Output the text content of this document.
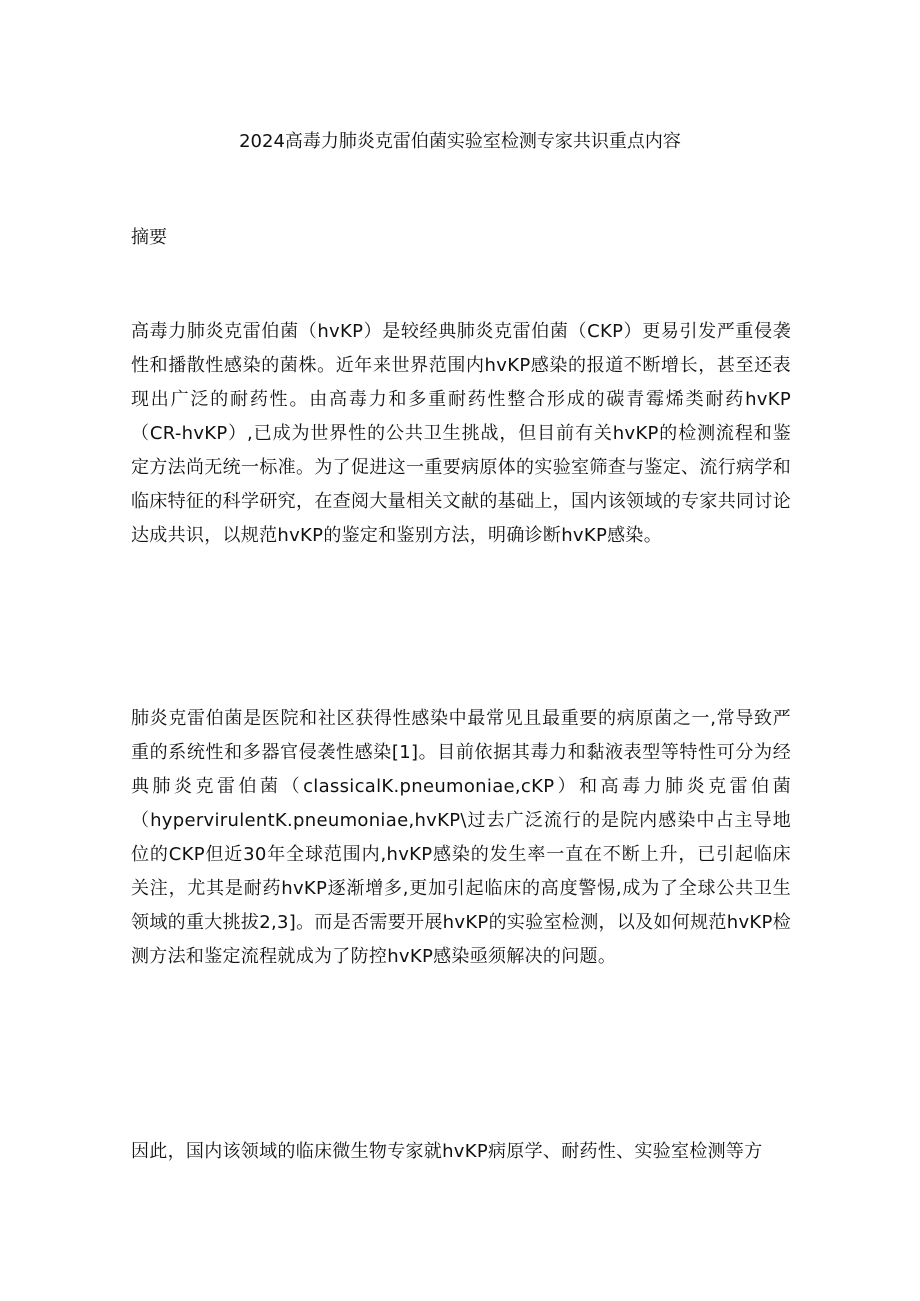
2024高毒力肺炎克雷伯菌实验室检测专家共识重点内容
摘要

高毒力肺炎克雷伯菌（hvKP）是较经典肺炎克雷伯菌（CKP）更易引发严重侵袭性和播散性感染的菌株。近年来世界范围内hvKP感染的报道不断增长，甚至还表现出广泛的耐药性。由高毒力和多重耐药性整合形成的碳青霉烯类耐药hvKP（CR-hvKP）,已成为世界性的公共卫生挑战，但目前有关hvKP的检测流程和鉴定方法尚无统一标准。为了促进这一重要病原体的实验室筛查与鉴定、流行病学和临床特征的科学研究，在查阅大量相关文献的基础上，国内该领域的专家共同讨论达成共识，以规范hvKP的鉴定和鉴别方法，明确诊断hvKP感染。

肺炎克雷伯菌是医院和社区获得性感染中最常见且最重要的病原菌之一,常导致严重的系统性和多器官侵袭性感染[1]。目前依据其毒力和黏液表型等特性可分为经典肺炎克雷伯菌（classicalK.pneumoniae,cKP）和高毒力肺炎克雷伯菌（hypervirulentK.pneumoniae,hvKP\过去广泛流行的是院内感染中占主导地位的CKP但近30年全球范围内,hvKP感染的发生率一直在不断上升，已引起临床关注，尤其是耐药hvKP逐渐增多,更加引起临床的高度警惕,成为了全球公共卫生领域的重大挑拔2,3]。而是否需要开展hvKP的实验室检测，以及如何规范hvKP检测方法和鉴定流程就成为了防控hvKP感染亟须解决的问题。

因此，国内该领域的临床微生物专家就hvKP病原学、耐药性、实验室检测等方
